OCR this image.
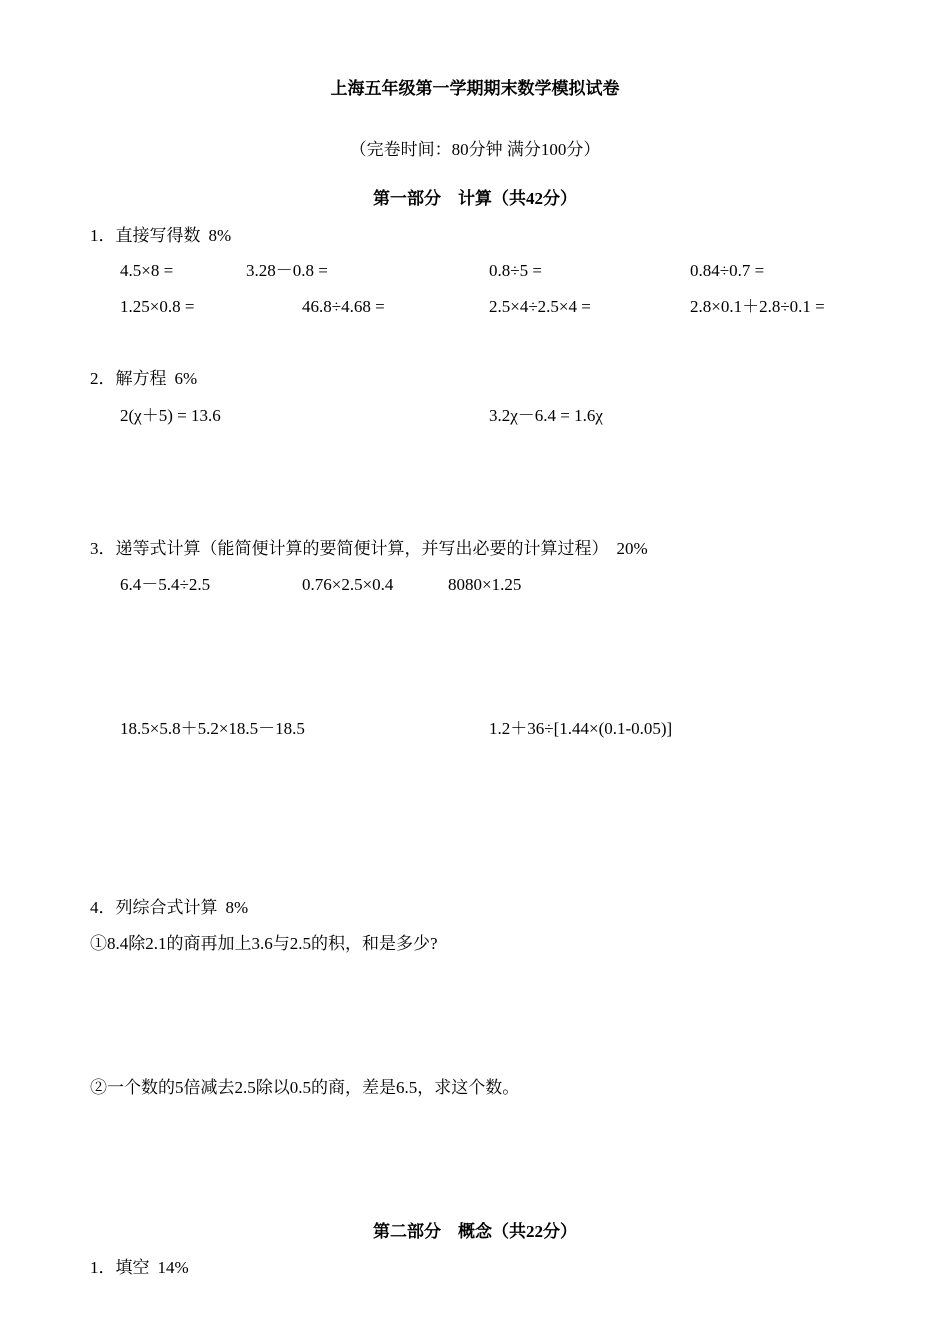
上海五年级第一学期期末数学模拟试卷
（完卷时间：80分钟 满分100分）
第一部分　计算（共42分）
1．直接写得数 8%
4.5×8 =	3.28－0.8 =	0.8÷5 =	0.84÷0.7 =
1.25×0.8 =	46.8÷4.68 =	2.5×4÷2.5×4 =	2.8×0.1＋2.8÷0.1 =
2．解方程 6%
2(χ＋5) = 13.6	3.2χ－6.4 = 1.6χ
3．递等式计算（能简便计算的要简便计算，并写出必要的计算过程） 20%
6.4－5.4÷2.5	0.76×2.5×0.4	8080×1.25
18.5×5.8＋5.2×18.5－18.5	1.2＋36÷[1.44×(0.1-0.05)]
4．列综合式计算 8%
①8.4除2.1的商再加上3.6与2.5的积，和是多少?
②一个数的5倍减去2.5除以0.5的商，差是6.5，求这个数。
第二部分　概念（共22分）
1．填空 14%
